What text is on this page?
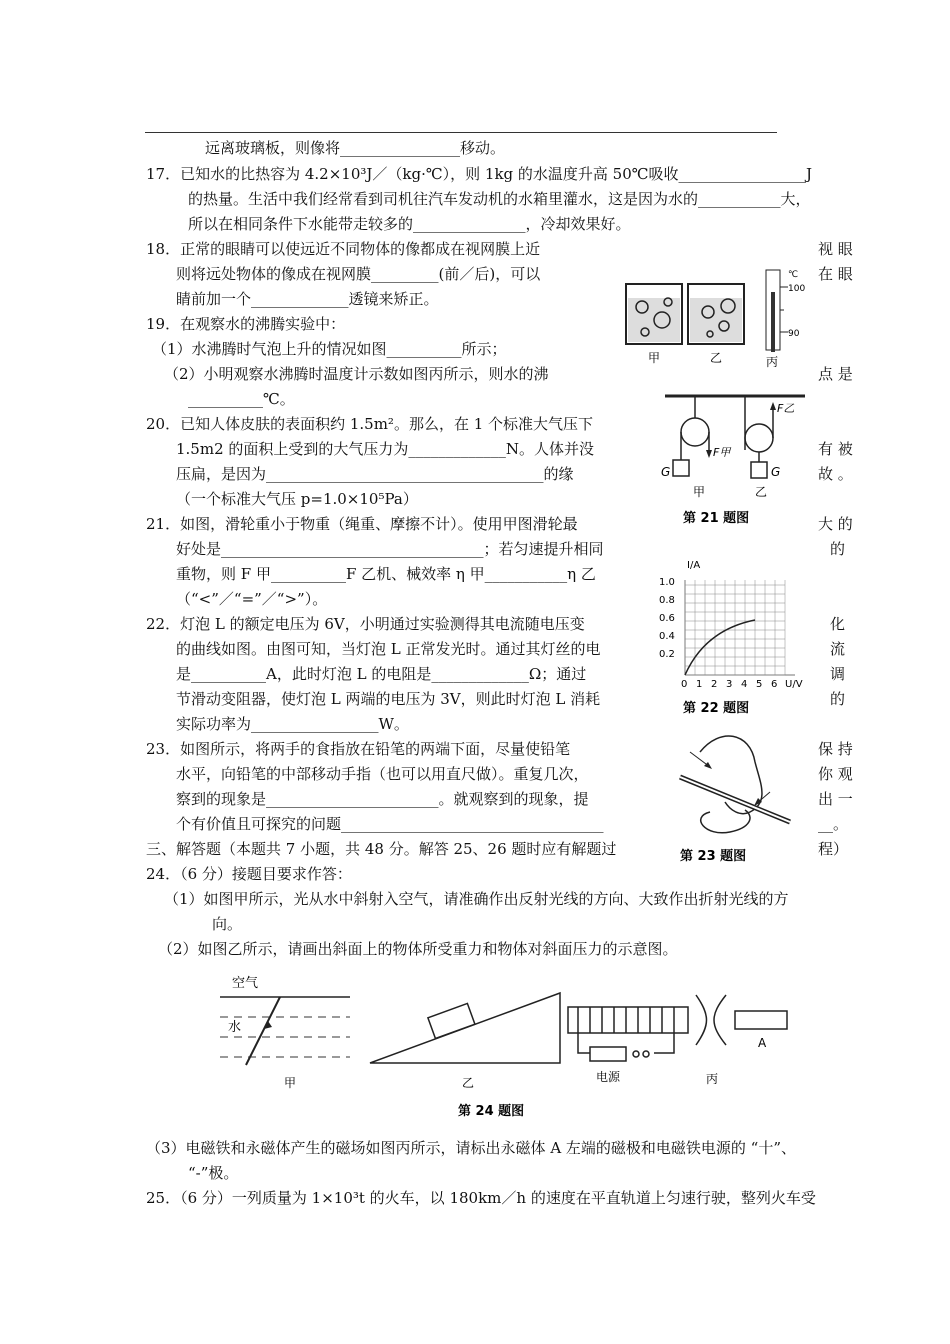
远离玻璃板，则像将________________移动。
17．已知水的比热容为 4.2×10³J／（kg·℃），则 1kg 的水温度升高 50℃吸收_________________J
的热量。生活中我们经常看到司机往汽车发动机的水箱里灌水，这是因为水的___________大，
所以在相同条件下水能带走较多的_______________，冷却效果好。
18．正常的眼睛可以使远近不同物体的像都成在视网膜上近
则将远处物体的像成在视网膜_________(前／后)，可以
睛前加一个_____________透镜来矫正。
19．在观察水的沸腾实验中：
（1）水沸腾时气泡上升的情况如图__________所示；
（2）小明观察水沸腾时温度计示数如图丙所示，则水的沸
__________℃。
20．已知人体皮肤的表面积约 1.5m²。那么，在 1 个标准大气压下
1.5m2 的面积上受到的大气压力为_____________N。人体并没
压扁，是因为_____________________________________的缘
（一个标准大气压 p=1.0×10⁵Pa）
21．如图，滑轮重小于物重（绳重、摩擦不计）。使用甲图滑轮最
好处是___________________________________；若匀速提升相同
重物，则 F 甲__________F 乙机、械效率 η 甲___________η 乙
（“<”／“=”／“>”）。
22．灯泡 L 的额定电压为 6V，小明通过实验测得其电流随电压变
的曲线如图。由图可知，当灯泡 L 正常发光时。通过其灯丝的电
是__________A，此时灯泡 L 的电阻是_____________Ω；通过
节滑动变阻器，使灯泡 L 两端的电压为 3V，则此时灯泡 L 消耗
实际功率为_________________W。
23．如图所示，将两手的食指放在铅笔的两端下面，尽量使铅笔
水平，向铅笔的中部移动手指（也可以用直尺做）。重复几次，
察到的现象是_______________________。就观察到的现象，提
个有价值且可探究的问题___________________________________
三、解答题（本题共 7 小题，共 48 分。解答 25、26 题时应有解题过
24．（6 分）接题目要求作答：
（1）如图甲所示，光从水中斜射入空气，请准确作出反射光线的方向、大致作出折射光线的方
向。
（2）如图乙所示，请画出斜面上的物体所受重力和物体对斜面压力的示意图。
（3）电磁铁和永磁体产生的磁场如图丙所示，请标出永磁体 A 左端的磁极和电磁铁电源的 “十”、
“-”极。
25．（6 分）一列质量为 1×10³t 的火车，以 180km／h 的速度在平直轨道上匀速行驶，整列火车受
视 眼
在 眼
点 是
有 被
故 。
大 的
的
化
流
调
的
保 持
你 观
出 一
__。
程）
℃
100
90
甲	乙	丙
F甲
F乙
G	G
甲	乙
第 21 题图
I/A
U/V
1.0
0.8
0.6
0.4
0.2
0 1 2 3 4 5 6
第 22 题图
第 23 题图
空气
水
甲	乙
A
电源	丙
第 24 题图
